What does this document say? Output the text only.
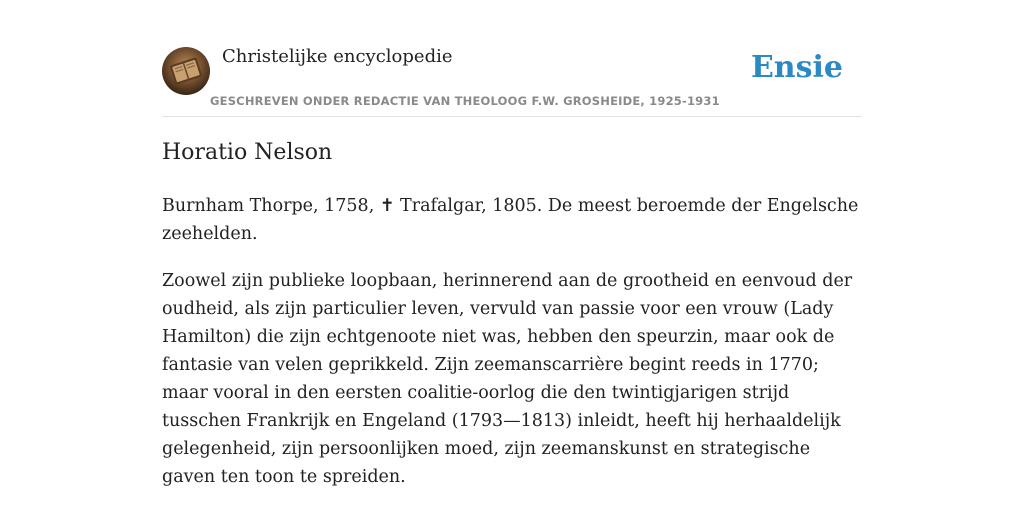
Christelijke encyclopedie	Ensie
GESCHREVEN ONDER REDACTIE VAN THEOLOOG F.W. GROSHEIDE, 1925-1931
Horatio Nelson

Burnham Thorpe, 1758, ✝ Trafalgar, 1805. De meest beroemde der Engelsche zeehelden.

Zoowel zijn publieke loopbaan, herinnerend aan de grootheid en eenvoud der oudheid, als zijn particulier leven, vervuld van passie voor een vrouw (Lady Hamilton) die zijn echtgenoote niet was, hebben den speurzin, maar ook de fantasie van velen geprikkeld. Zijn zeemanscarrière begint reeds in 1770; maar vooral in den eersten coalitie-oorlog die den twintigjarigen strijd tusschen Frankrijk en Engeland (1793—1813) inleidt, heeft hij herhaaldelijk gelegenheid, zijn persoonlijken moed, zijn zeemanskunst en strategische gaven ten toon te spreiden.
